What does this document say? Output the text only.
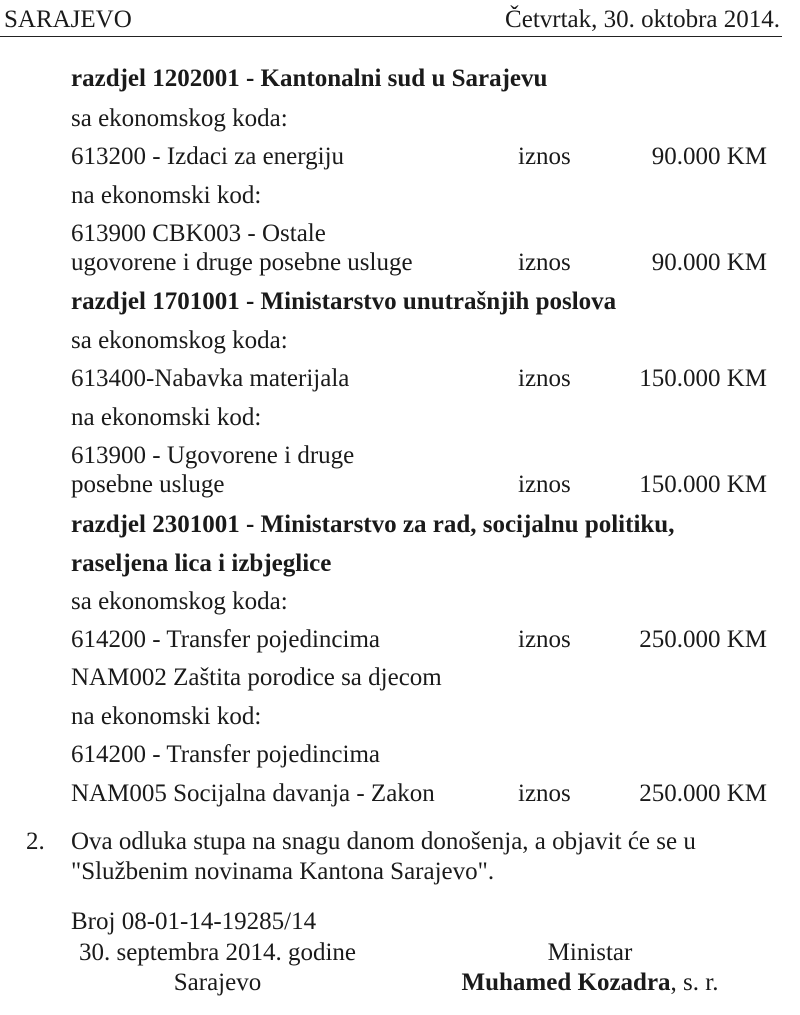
SARAJEVO	Četvrtak, 30. oktobra 2014.
razdjel 1202001 - Kantonalni sud u Sarajevu
sa ekonomskog koda:
613200 - Izdaci za energiju	iznos	90.000 KM
na ekonomski kod:
613900 CBK003 - Ostale
ugovorene i druge posebne usluge	iznos	90.000 KM
razdjel 1701001 - Ministarstvo unutrašnjih poslova
sa ekonomskog koda:
613400-Nabavka materijala	iznos	150.000 KM
na ekonomski kod:
613900 - Ugovorene i druge
posebne usluge	iznos	150.000 KM
razdjel 2301001 - Ministarstvo za rad, socijalnu politiku,
raseljena lica i izbjeglice
sa ekonomskog koda:
614200 - Transfer pojedincima	iznos	250.000 KM
NAM002 Zaštita porodice sa djecom
na ekonomski kod:
614200 - Transfer pojedincima
NAM005 Socijalna davanja - Zakon	iznos	250.000 KM
2. Ova odluka stupa na snagu danom donošenja, a objavit će se u
"Službenim novinama Kantona Sarajevo".
Broj 08-01-14-19285/14
30. septembra 2014. godine
Sarajevo
Ministar
Muhamed Kozadra, s. r.
